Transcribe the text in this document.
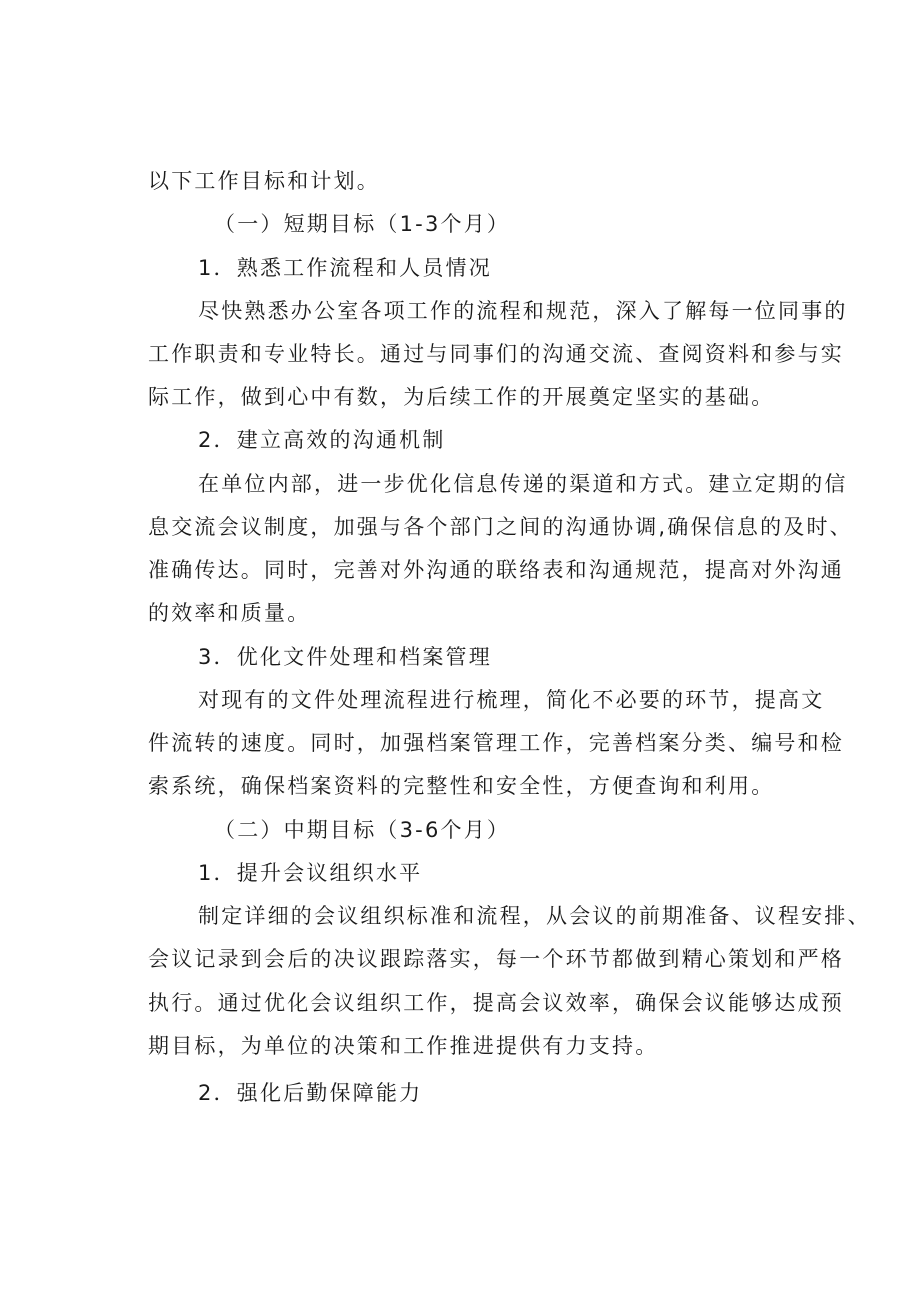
以下工作目标和计划。
（一）短期目标（1-3个月）
1．熟悉工作流程和人员情况
尽快熟悉办公室各项工作的流程和规范，深入了解每一位同事的
工作职责和专业特长。通过与同事们的沟通交流、查阅资料和参与实
际工作，做到心中有数，为后续工作的开展奠定坚实的基础。
2．建立高效的沟通机制
在单位内部，进一步优化信息传递的渠道和方式。建立定期的信
息交流会议制度，加强与各个部门之间的沟通协调,确保信息的及时、
准确传达。同时，完善对外沟通的联络表和沟通规范，提高对外沟通
的效率和质量。
3．优化文件处理和档案管理
对现有的文件处理流程进行梳理，简化不必要的环节，提高文
件流转的速度。同时，加强档案管理工作，完善档案分类、编号和检
索系统，确保档案资料的完整性和安全性，方便查询和利用。
（二）中期目标（3-6个月）
1．提升会议组织水平
制定详细的会议组织标准和流程，从会议的前期准备、议程安排、
会议记录到会后的决议跟踪落实，每一个环节都做到精心策划和严格
执行。通过优化会议组织工作，提高会议效率，确保会议能够达成预
期目标，为单位的决策和工作推进提供有力支持。
2．强化后勤保障能力
